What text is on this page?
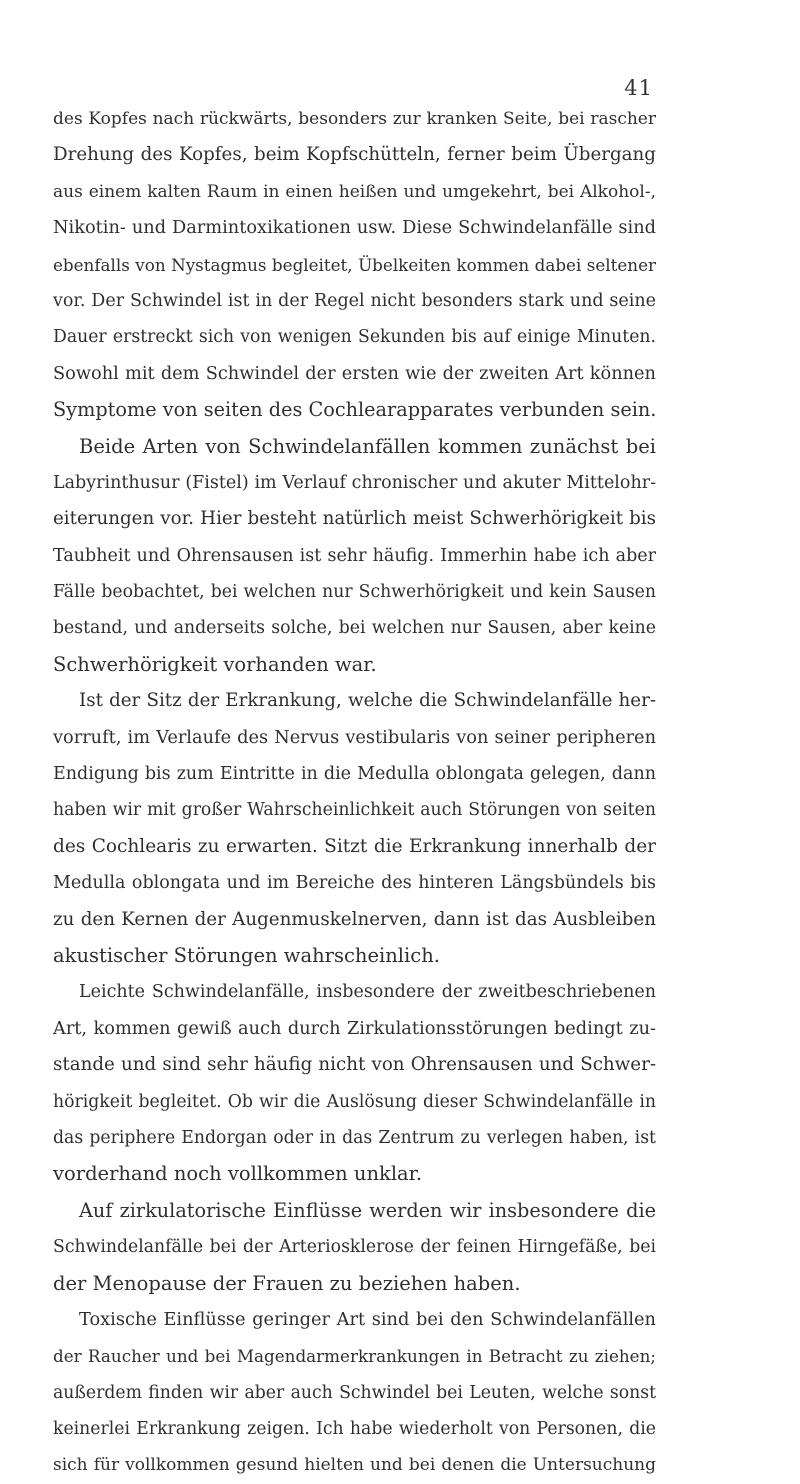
41
des Kopfes nach rückwärts, besonders zur kranken Seite, bei rascher
Drehung des Kopfes, beim Kopfschütteln, ferner beim Übergang
aus einem kalten Raum in einen heißen und umgekehrt, bei Alkohol-,
Nikotin- und Darmintoxikationen usw. Diese Schwindelanfälle sind
ebenfalls von Nystagmus begleitet, Übelkeiten kommen dabei seltener
vor. Der Schwindel ist in der Regel nicht besonders stark und seine
Dauer erstreckt sich von wenigen Sekunden bis auf einige Minuten.
Sowohl mit dem Schwindel der ersten wie der zweiten Art können
Symptome von seiten des Cochlearapparates verbunden sein.
Beide Arten von Schwindelanfällen kommen zunächst bei
Labyrinthusur (Fistel) im Verlauf chronischer und akuter Mittelohr-
eiterungen vor. Hier besteht natürlich meist Schwerhörigkeit bis
Taubheit und Ohrensausen ist sehr häufig. Immerhin habe ich aber
Fälle beobachtet, bei welchen nur Schwerhörigkeit und kein Sausen
bestand, und anderseits solche, bei welchen nur Sausen, aber keine
Schwerhörigkeit vorhanden war.
Ist der Sitz der Erkrankung, welche die Schwindelanfälle her-
vorruft, im Verlaufe des Nervus vestibularis von seiner peripheren
Endigung bis zum Eintritte in die Medulla oblongata gelegen, dann
haben wir mit großer Wahrscheinlichkeit auch Störungen von seiten
des Cochlearis zu erwarten. Sitzt die Erkrankung innerhalb der
Medulla oblongata und im Bereiche des hinteren Längsbündels bis
zu den Kernen der Augenmuskelnerven, dann ist das Ausbleiben
akustischer Störungen wahrscheinlich.
Leichte Schwindelanfälle, insbesondere der zweitbeschriebenen
Art, kommen gewiß auch durch Zirkulationsstörungen bedingt zu-
stande und sind sehr häufig nicht von Ohrensausen und Schwer-
hörigkeit begleitet. Ob wir die Auslösung dieser Schwindelanfälle in
das periphere Endorgan oder in das Zentrum zu verlegen haben, ist
vorderhand noch vollkommen unklar.
Auf zirkulatorische Einflüsse werden wir insbesondere die
Schwindelanfälle bei der Arteriosklerose der feinen Hirngefäße, bei
der Menopause der Frauen zu beziehen haben.
Toxische Einflüsse geringer Art sind bei den Schwindelanfällen
der Raucher und bei Magendarmerkrankungen in Betracht zu ziehen;
außerdem finden wir aber auch Schwindel bei Leuten, welche sonst
keinerlei Erkrankung zeigen. Ich habe wiederholt von Personen, die
sich für vollkommen gesund hielten und bei denen die Untersuchung
